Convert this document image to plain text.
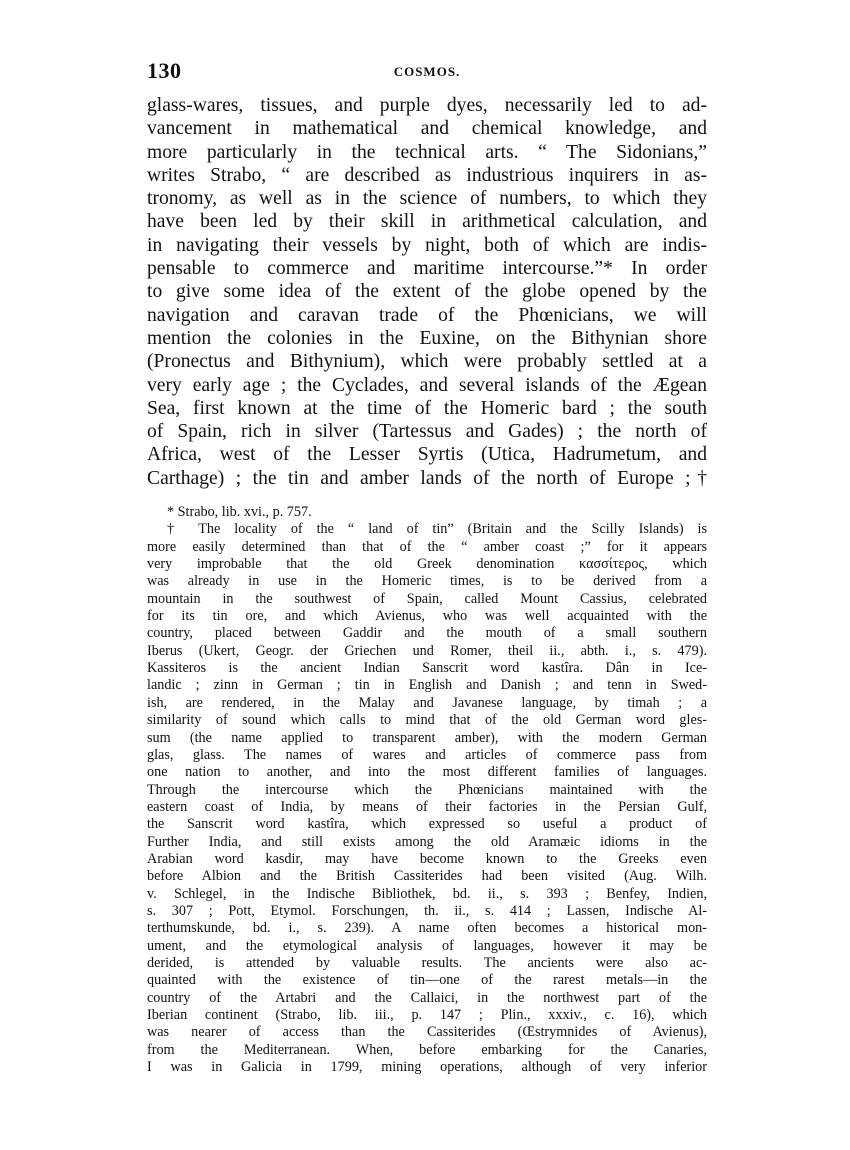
130	COSMOS.
glass-wares, tissues, and purple dyes, necessarily led to ad-
vancement in mathematical and chemical knowledge, and
more particularly in the technical arts. “ The Sidonians,”
writes Strabo, “ are described as industrious inquirers in as-
tronomy, as well as in the science of numbers, to which they
have been led by their skill in arithmetical calculation, and
in navigating their vessels by night, both of which are indis-
pensable to commerce and maritime intercourse.”* In order
to give some idea of the extent of the globe opened by the
navigation and caravan trade of the Phœnicians, we will
mention the colonies in the Euxine, on the Bithynian shore
(Pronectus and Bithynium), which were probably settled at a
very early age ; the Cyclades, and several islands of the Ægean
Sea, first known at the time of the Homeric bard ; the south
of Spain, rich in silver (Tartessus and Gades) ; the north of
Africa, west of the Lesser Syrtis (Utica, Hadrumetum, and
Carthage) ; the tin and amber lands of the north of Europe ;†
* Strabo, lib. xvi., p. 757.
† The locality of the “ land of tin” (Britain and the Scilly Islands) is
more easily determined than that of the “ amber coast ;” for it appears
very improbable that the old Greek denomination κασσίτερος, which
was already in use in the Homeric times, is to be derived from a
mountain in the southwest of Spain, called Mount Cassius, celebrated
for its tin ore, and which Avienus, who was well acquainted with the
country, placed between Gaddir and the mouth of a small southern
Iberus (Ukert, Geogr. der Griechen und Romer, theil ii., abth. i., s. 479).
Kassiteros is the ancient Indian Sanscrit word kastîra. Dân in Ice-
landic ; zinn in German ; tin in English and Danish ; and tenn in Swed-
ish, are rendered, in the Malay and Javanese language, by timah ; a
similarity of sound which calls to mind that of the old German word gles-
sum (the name applied to transparent amber), with the modern German
glas, glass. The names of wares and articles of commerce pass from
one nation to another, and into the most different families of languages.
Through the intercourse which the Phœnicians maintained with the
eastern coast of India, by means of their factories in the Persian Gulf,
the Sanscrit word kastîra, which expressed so useful a product of
Further India, and still exists among the old Aramæic idioms in the
Arabian word kasdir, may have become known to the Greeks even
before Albion and the British Cassiterides had been visited (Aug. Wilh.
v. Schlegel, in the Indische Bibliothek, bd. ii., s. 393 ; Benfey, Indien,
s. 307 ; Pott, Etymol. Forschungen, th. ii., s. 414 ; Lassen, Indische Al-
terthumskunde, bd. i., s. 239). A name often becomes a historical mon-
ument, and the etymological analysis of languages, however it may be
derided, is attended by valuable results. The ancients were also ac-
quainted with the existence of tin—one of the rarest metals—in the
country of the Artabri and the Callaici, in the northwest part of the
Iberian continent (Strabo, lib. iii., p. 147 ; Plin., xxxiv., c. 16), which
was nearer of access than the Cassiterides (Œstrymnides of Avienus),
from the Mediterranean. When, before embarking for the Canaries,
I was in Galicia in 1799, mining operations, although of very inferior
